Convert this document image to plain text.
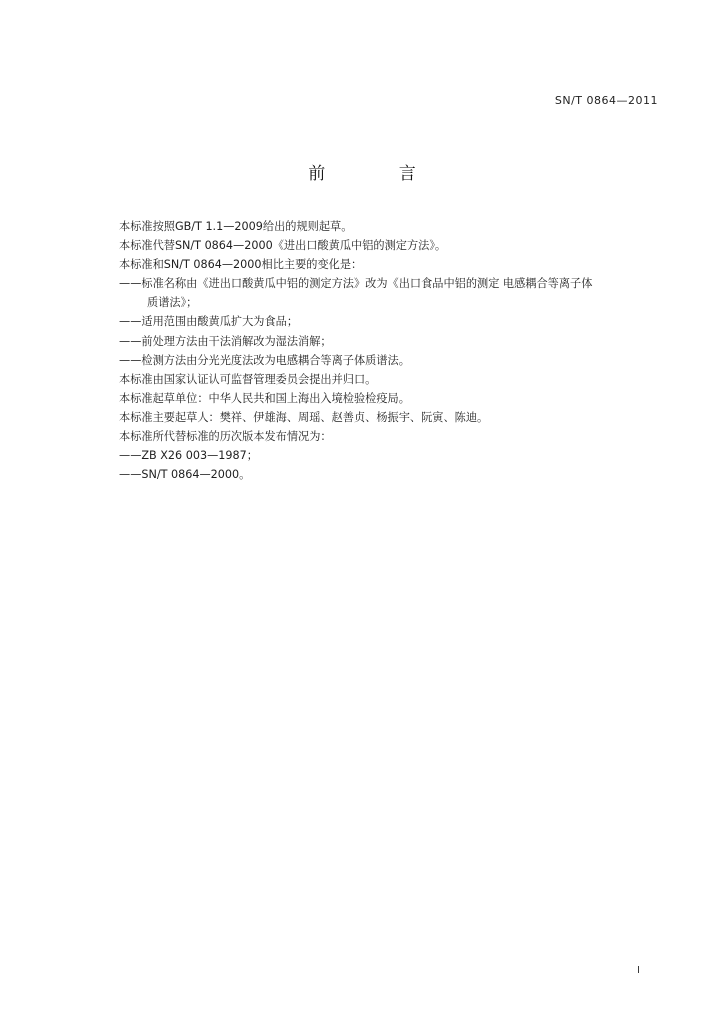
SN/T 0864—2011
前 言
本标准按照GB/T 1.1—2009给出的规则起草。
本标准代替SN/T 0864—2000《进出口酸黄瓜中铝的测定方法》。
本标准和SN/T 0864—2000相比主要的变化是：
——标准名称由《进出口酸黄瓜中铝的测定方法》改为《出口食品中铝的测定 电感耦合等离子体
质谱法》；
——适用范围由酸黄瓜扩大为食品；
——前处理方法由干法消解改为湿法消解；
——检测方法由分光光度法改为电感耦合等离子体质谱法。
本标准由国家认证认可监督管理委员会提出并归口。
本标准起草单位：中华人民共和国上海出入境检验检疫局。
本标准主要起草人：樊祥、伊雄海、周瑶、赵善贞、杨振宇、阮寅、陈迪。
本标准所代替标准的历次版本发布情况为：
——ZB X26 003—1987；
——SN/T 0864—2000。
I
